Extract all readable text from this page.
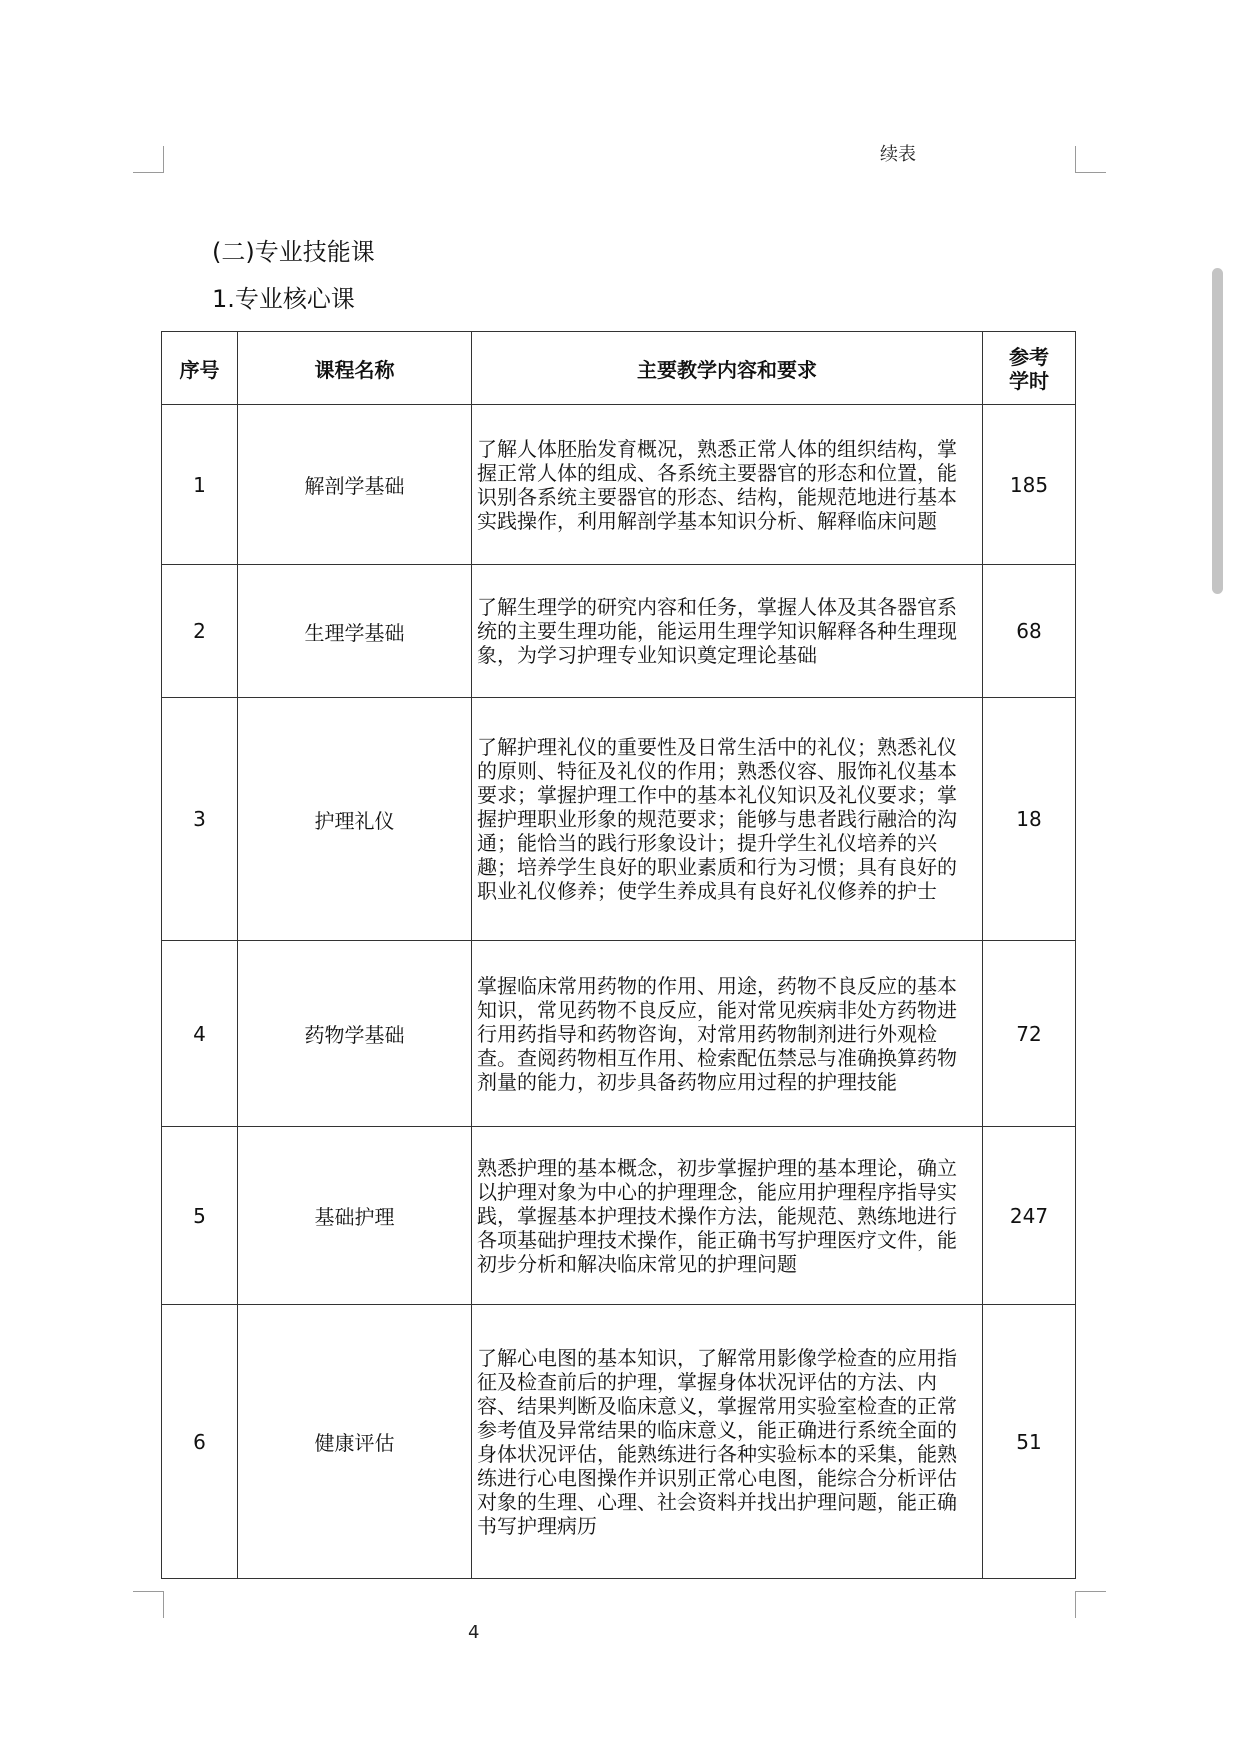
续表
(二)专业技能课
1.专业核心课
序号	课程名称	主要教学内容和要求	参考
学时

1	解剖学基础	了解人体胚胎发育概况，熟悉正常人体的组织结构，掌握正常人体的组成、各系统主要器官的形态和位置，能识别各系统主要器官的形态、结构，能规范地进行基本实践操作，利用解剖学基本知识分析、解释临床问题	185
2	生理学基础	了解生理学的研究内容和任务，掌握人体及其各器官系统的主要生理功能，能运用生理学知识解释各种生理现象，为学习护理专业知识奠定理论基础	68
3	护理礼仪	了解护理礼仪的重要性及日常生活中的礼仪；熟悉礼仪的原则、特征及礼仪的作用；熟悉仪容、服饰礼仪基本要求；掌握护理工作中的基本礼仪知识及礼仪要求；掌握护理职业形象的规范要求；能够与患者践行融洽的沟通；能恰当的践行形象设计；提升学生礼仪培养的兴趣；培养学生良好的职业素质和行为习惯；具有良好的职业礼仪修养；使学生养成具有良好礼仪修养的护士	18
4	药物学基础	掌握临床常用药物的作用、用途，药物不良反应的基本知识，常见药物不良反应，能对常见疾病非处方药物进行用药指导和药物咨询，对常用药物制剂进行外观检查。查阅药物相互作用、检索配伍禁忌与准确换算药物剂量的能力，初步具备药物应用过程的护理技能	72
5	基础护理	熟悉护理的基本概念，初步掌握护理的基本理论，确立以护理对象为中心的护理理念，能应用护理程序指导实践，掌握基本护理技术操作方法，能规范、熟练地进行各项基础护理技术操作，能正确书写护理医疗文件，能初步分析和解决临床常见的护理问题	247
6	健康评估	了解心电图的基本知识，了解常用影像学检查的应用指征及检查前后的护理，掌握身体状况评估的方法、内容、结果判断及临床意义，掌握常用实验室检查的正常参考值及异常结果的临床意义，能正确进行系统全面的身体状况评估，能熟练进行各种实验标本的采集，能熟练进行心电图操作并识别正常心电图，能综合分析评估对象的生理、心理、社会资料并找出护理问题，能正确书写护理病历	51
4
